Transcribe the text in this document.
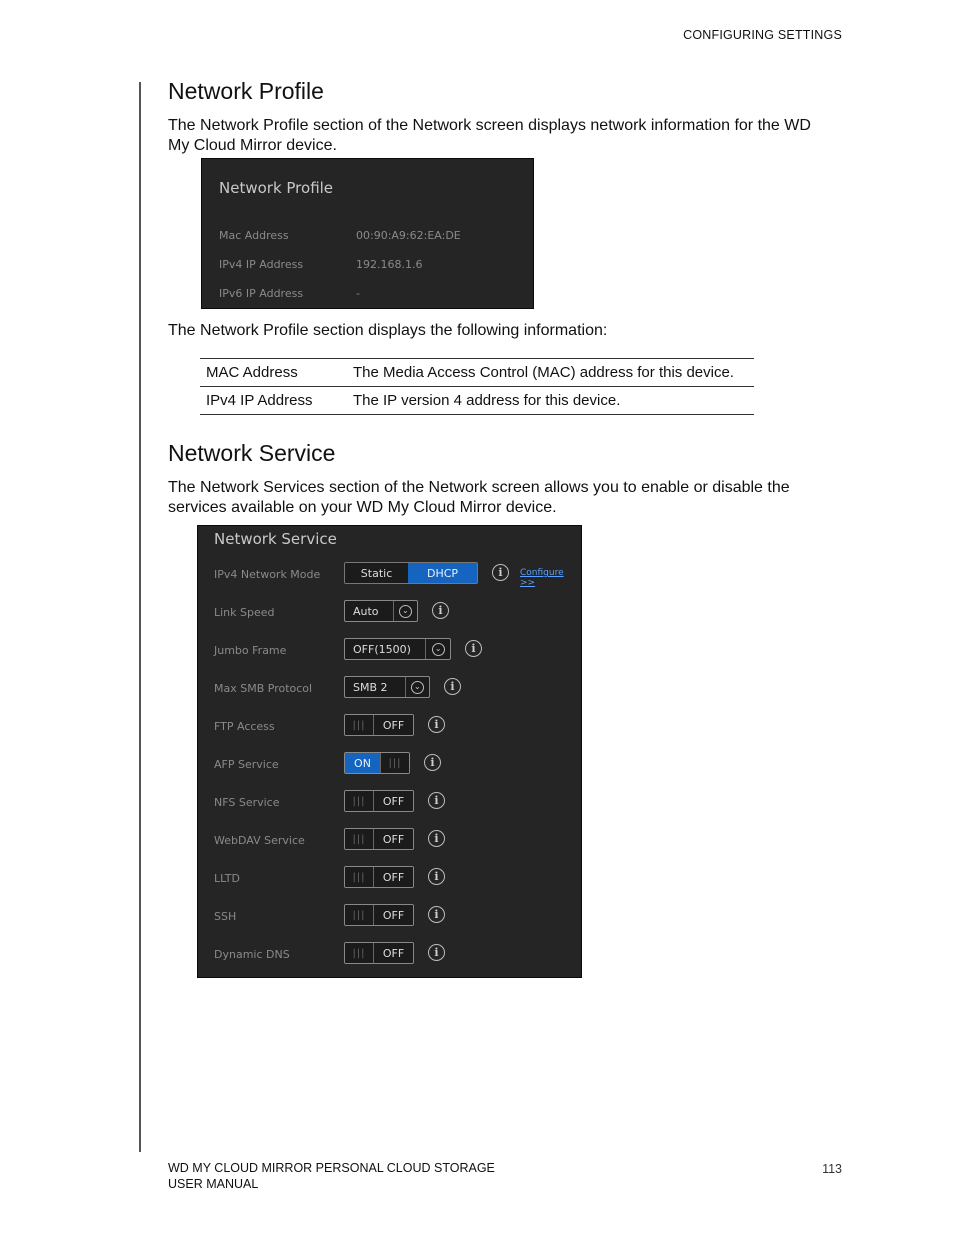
CONFIGURING SETTINGS
Network Profile
The Network Profile section of the Network screen displays network information for the WD My Cloud Mirror device.
Network Profile
Mac Address	00:90:A9:62:EA:DE
IPv4 IP Address	192.168.1.6
IPv6 IP Address	-
The Network Profile section displays the following information:
MAC Address	The Media Access Control (MAC) address for this device.
IPv4 IP Address	The IP version 4 address for this device.
Network Service
The Network Services section of the Network screen allows you to enable or disable the services available on your WD My Cloud Mirror device.
Network Service
IPv4 Network Mode	Static	DHCP	i	Configure >>
Link Speed	Auto	⌄	i
Jumbo Frame	OFF(1500)	⌄	i
Max SMB Protocol	SMB 2	⌄	i
FTP Access	|||	OFF	i
AFP Service	ON	|||	i
NFS Service	|||	OFF	i
WebDAV Service	|||	OFF	i
LLTD	|||	OFF	i
SSH	|||	OFF	i
Dynamic DNS	|||	OFF	i
WD MY CLOUD MIRROR PERSONAL CLOUD STORAGE
USER MANUAL
113
